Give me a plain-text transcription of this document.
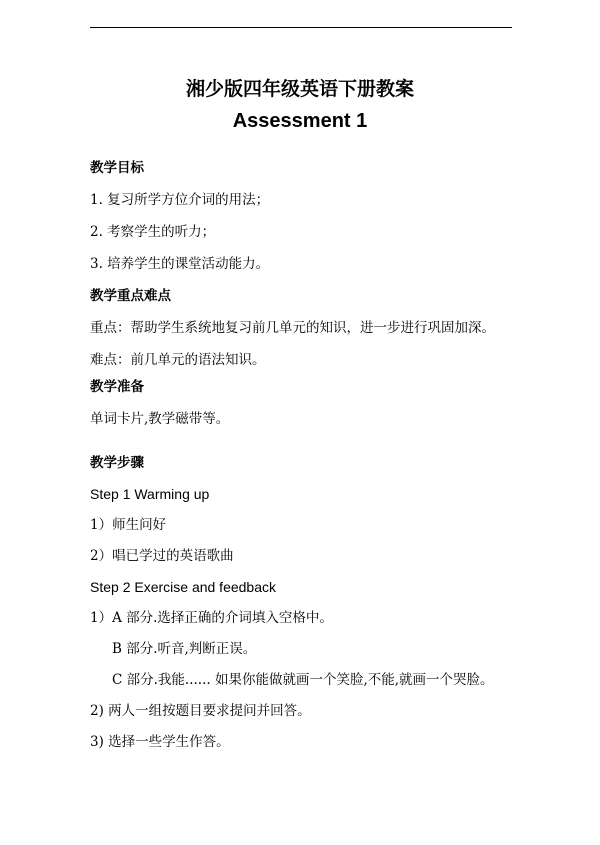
湘少版四年级英语下册教案
Assessment 1
教学目标
1. 复习所学方位介词的用法；
2. 考察学生的听力；
3. 培养学生的课堂活动能力。
教学重点难点
重点：帮助学生系统地复习前几单元的知识，进一步进行巩固加深。
难点：前几单元的语法知识。
教学准备
单词卡片,教学磁带等。
教学步骤
Step 1 Warming up
1）师生问好
2）唱已学过的英语歌曲
Step 2 Exercise and feedback
1）A 部分.选择正确的介词填入空格中。
B 部分.听音,判断正误。
C 部分.我能...... 如果你能做就画一个笑脸,不能,就画一个哭脸。
2) 两人一组按题目要求提问并回答。
3) 选择一些学生作答。
